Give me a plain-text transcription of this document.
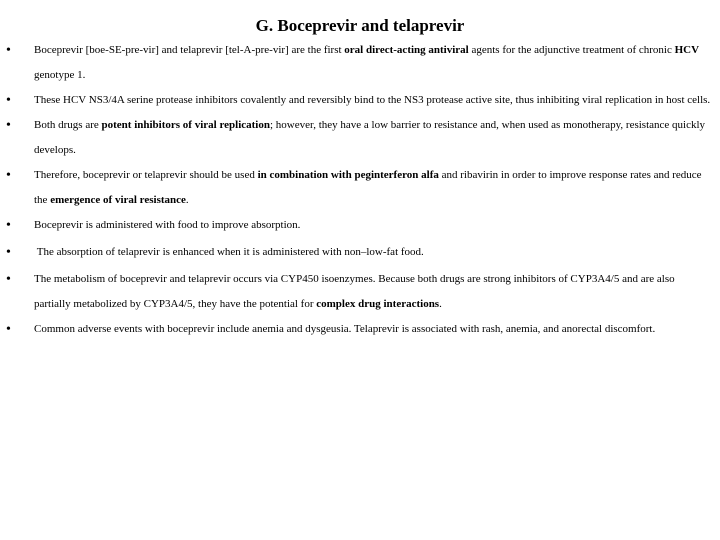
G. Boceprevir and telaprevir
• Boceprevir [boe-SE-pre-vir] and telaprevir [tel-A-pre-vir] are the first oral direct-acting antiviral agents for the adjunctive treatment of chronic HCV genotype 1.
• These HCV NS3/4A serine protease inhibitors covalently and reversibly bind to the NS3 protease active site, thus inhibiting viral replication in host cells.
• Both drugs are potent inhibitors of viral replication; however, they have a low barrier to resistance and, when used as monotherapy, resistance quickly develops.
• Therefore, boceprevir or telaprevir should be used in combination with peginterferon alfa and ribavirin in order to improve response rates and reduce the emergence of viral resistance.
• Boceprevir is administered with food to improve absorption.
• The absorption of telaprevir is enhanced when it is administered with non–low-fat food.
• The metabolism of boceprevir and telaprevir occurs via CYP450 isoenzymes. Because both drugs are strong inhibitors of CYP3A4/5 and are also partially metabolized by CYP3A4/5, they have the potential for complex drug interactions.
• Common adverse events with boceprevir include anemia and dysgeusia. Telaprevir is associated with rash, anemia, and anorectal discomfort.
